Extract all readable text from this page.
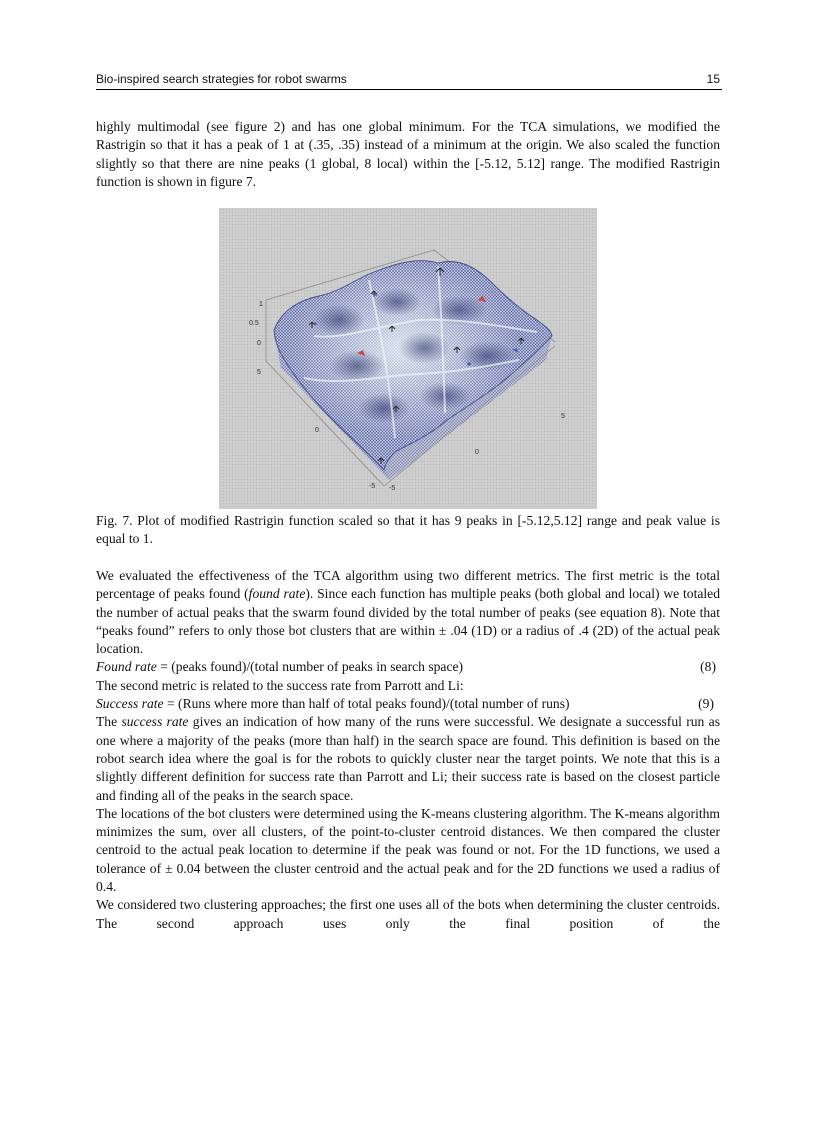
Bio-inspired search strategies for robot swarms	15

highly multimodal (see figure 2) and has one global minimum. For the TCA simulations, we modified the Rastrigin so that it has a peak of 1 at (.35, .35) instead of a minimum at the origin. We also scaled the function slightly so that there are nine peaks (1 global, 8 local) within the [-5.12, 5.12] range. The modified Rastrigin function is shown in figure 7.

1
0.5
0
5
0
-5
5
0
-5

Fig. 7. Plot of modified Rastrigin function scaled so that it has 9 peaks in [-5.12,5.12] range and peak value is equal to 1.

We evaluated the effectiveness of the TCA algorithm using two different metrics. The first metric is the total percentage of peaks found (found rate). Since each function has multiple peaks (both global and local) we totaled the number of actual peaks that the swarm found divided by the total number of peaks (see equation 8). Note that “peaks found” refers to only those bot clusters that are within ± .04 (1D) or a radius of .4 (2D) of the actual peak location.

Found rate = (peaks found)/(total number of peaks in search space)	(8)

The second metric is related to the success rate from Parrott and Li:

Success rate = (Runs where more than half of total peaks found)/(total number of runs)	(9)

The success rate gives an indication of how many of the runs were successful. We designate a successful run as one where a majority of the peaks (more than half) in the search space are found. This definition is based on the robot search idea where the goal is for the robots to quickly cluster near the target points. We note that this is a slightly different definition for success rate than Parrott and Li; their success rate is based on the closest particle and finding all of the peaks in the search space.

The locations of the bot clusters were determined using the K-means clustering algorithm. The K-means algorithm minimizes the sum, over all clusters, of the point-to-cluster centroid distances. We then compared the cluster centroid to the actual peak location to determine if the peak was found or not. For the 1D functions, we used a tolerance of ± 0.04 between the cluster centroid and the actual peak and for the 2D functions we used a radius of 0.4.

We considered two clustering approaches; the first one uses all of the bots when determining the cluster centroids. The second approach uses only the final position of the
